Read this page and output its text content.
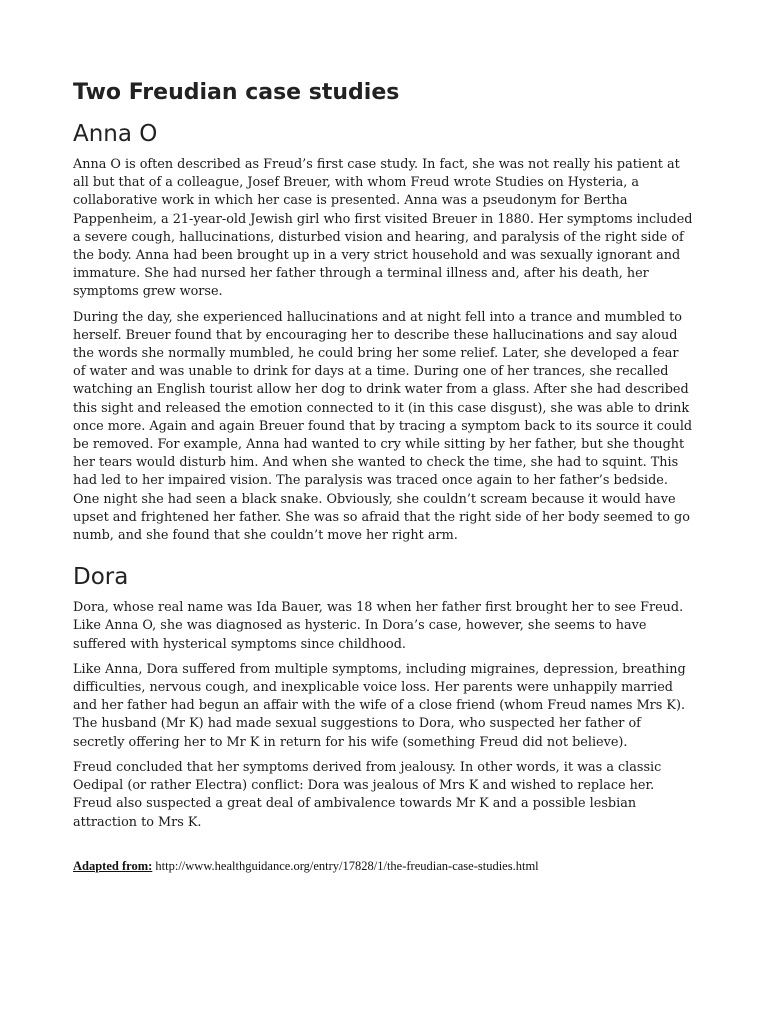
Two Freudian case studies
Anna O

Anna O is often described as Freud’s first case study. In fact, she was not really his patient at all but that of a colleague, Josef Breuer, with whom Freud wrote Studies on Hysteria, a collaborative work in which her case is presented. Anna was a pseudonym for Bertha Pappenheim, a 21-year-old Jewish girl who first visited Breuer in 1880. Her symptoms included a severe cough, hallucinations, disturbed vision and hearing, and paralysis of the right side of the body. Anna had been brought up in a very strict household and was sexually ignorant and immature. She had nursed her father through a terminal illness and, after his death, her symptoms grew worse.

During the day, she experienced hallucinations and at night fell into a trance and mumbled to herself. Breuer found that by encouraging her to describe these hallucinations and say aloud the words she normally mumbled, he could bring her some relief. Later, she developed a fear of water and was unable to drink for days at a time. During one of her trances, she recalled watching an English tourist allow her dog to drink water from a glass. After she had described this sight and released the emotion connected to it (in this case disgust), she was able to drink once more. Again and again Breuer found that by tracing a symptom back to its source it could be removed. For example, Anna had wanted to cry while sitting by her father, but she thought her tears would disturb him. And when she wanted to check the time, she had to squint. This had led to her impaired vision. The paralysis was traced once again to her father’s bedside. One night she had seen a black snake. Obviously, she couldn’t scream because it would have upset and frightened her father. She was so afraid that the right side of her body seemed to go numb, and she found that she couldn’t move her right arm.

Dora

Dora, whose real name was Ida Bauer, was 18 when her father first brought her to see Freud. Like Anna O, she was diagnosed as hysteric. In Dora’s case, however, she seems to have suffered with hysterical symptoms since childhood.

Like Anna, Dora suffered from multiple symptoms, including migraines, depression, breathing difficulties, nervous cough, and inexplicable voice loss. Her parents were unhappily married and her father had begun an affair with the wife of a close friend (whom Freud names Mrs K). The husband (Mr K) had made sexual suggestions to Dora, who suspected her father of secretly offering her to Mr K in return for his wife (something Freud did not believe).

Freud concluded that her symptoms derived from jealousy. In other words, it was a classic Oedipal (or rather Electra) conflict: Dora was jealous of Mrs K and wished to replace her. Freud also suspected a great deal of ambivalence towards Mr K and a possible lesbian attraction to Mrs K.

Adapted from: http://www.healthguidance.org/entry/17828/1/the-freudian-case-studies.html
